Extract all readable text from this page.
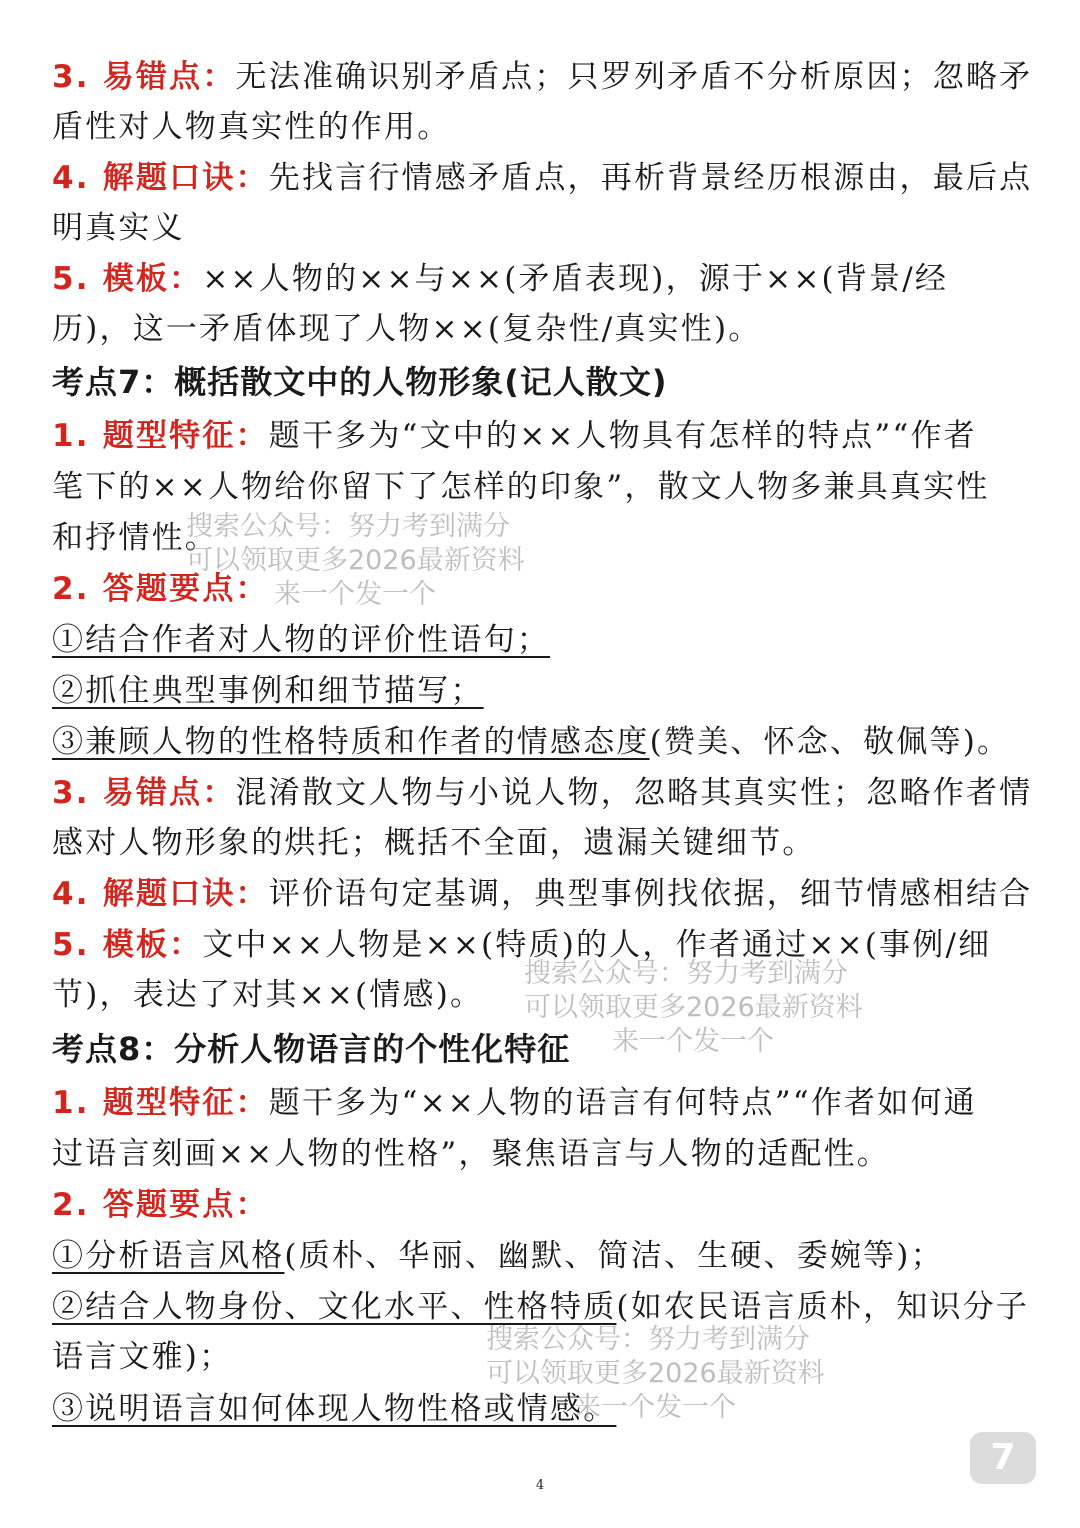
3. 易错点：无法准确识别矛盾点；只罗列矛盾不分析原因；忽略矛
盾性对人物真实性的作用。
4. 解题口诀：先找言行情感矛盾点，再析背景经历根源由，最后点
明真实义
5. 模板：××人物的××与××(矛盾表现)，源于××(背景/经
历)，这一矛盾体现了人物××(复杂性/真实性)。
考点7：概括散文中的人物形象(记人散文)
1. 题型特征：题干多为“文中的××人物具有怎样的特点”“作者
笔下的××人物给你留下了怎样的印象”，散文人物多兼具真实性
和抒情性。
2. 答题要点：
①结合作者对人物的评价性语句；
②抓住典型事例和细节描写；
③兼顾人物的性格特质和作者的情感态度(赞美、怀念、敬佩等)。
3. 易错点：混淆散文人物与小说人物，忽略其真实性；忽略作者情
感对人物形象的烘托；概括不全面，遗漏关键细节。
4. 解题口诀：评价语句定基调，典型事例找依据，细节情感相结合
5. 模板：文中××人物是××(特质)的人，作者通过××(事例/细
节)，表达了对其××(情感)。
考点8：分析人物语言的个性化特征
1. 题型特征：题干多为“××人物的语言有何特点”“作者如何通
过语言刻画××人物的性格”，聚焦语言与人物的适配性。
2. 答题要点：
①分析语言风格(质朴、华丽、幽默、简洁、生硬、委婉等)；
②结合人物身份、文化水平、性格特质(如农民语言质朴，知识分子
语言文雅)；
③说明语言如何体现人物性格或情感。
搜索公众号：努力考到满分
可以领取更多2026最新资料
来一个发一个
搜索公众号：努力考到满分
可以领取更多2026最新资料
来一个发一个
搜索公众号：努力考到满分
可以领取更多2026最新资料
来一个发一个
4
7
